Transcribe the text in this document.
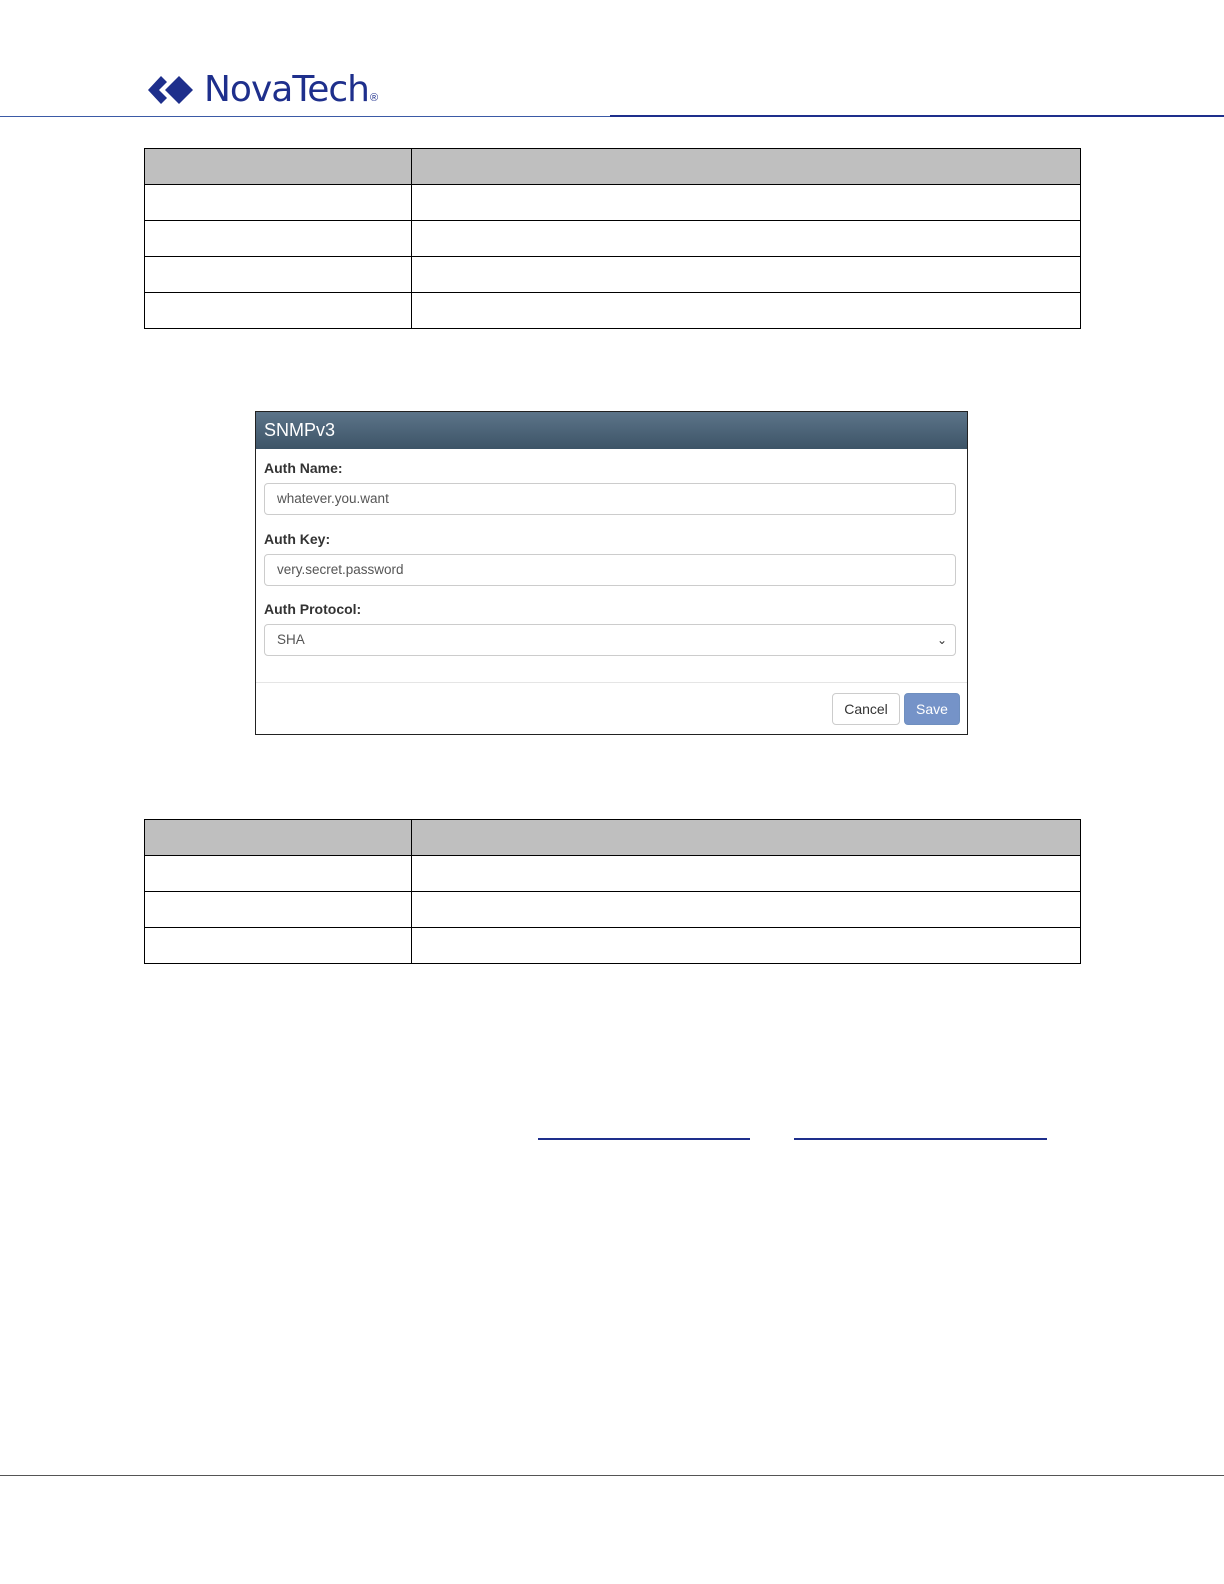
NovaTech ®

SNMPv3
Auth Name:
whatever.you.want
Auth Key:
very.secret.password
Auth Protocol:
SHA	⌄
Cancel	Save
